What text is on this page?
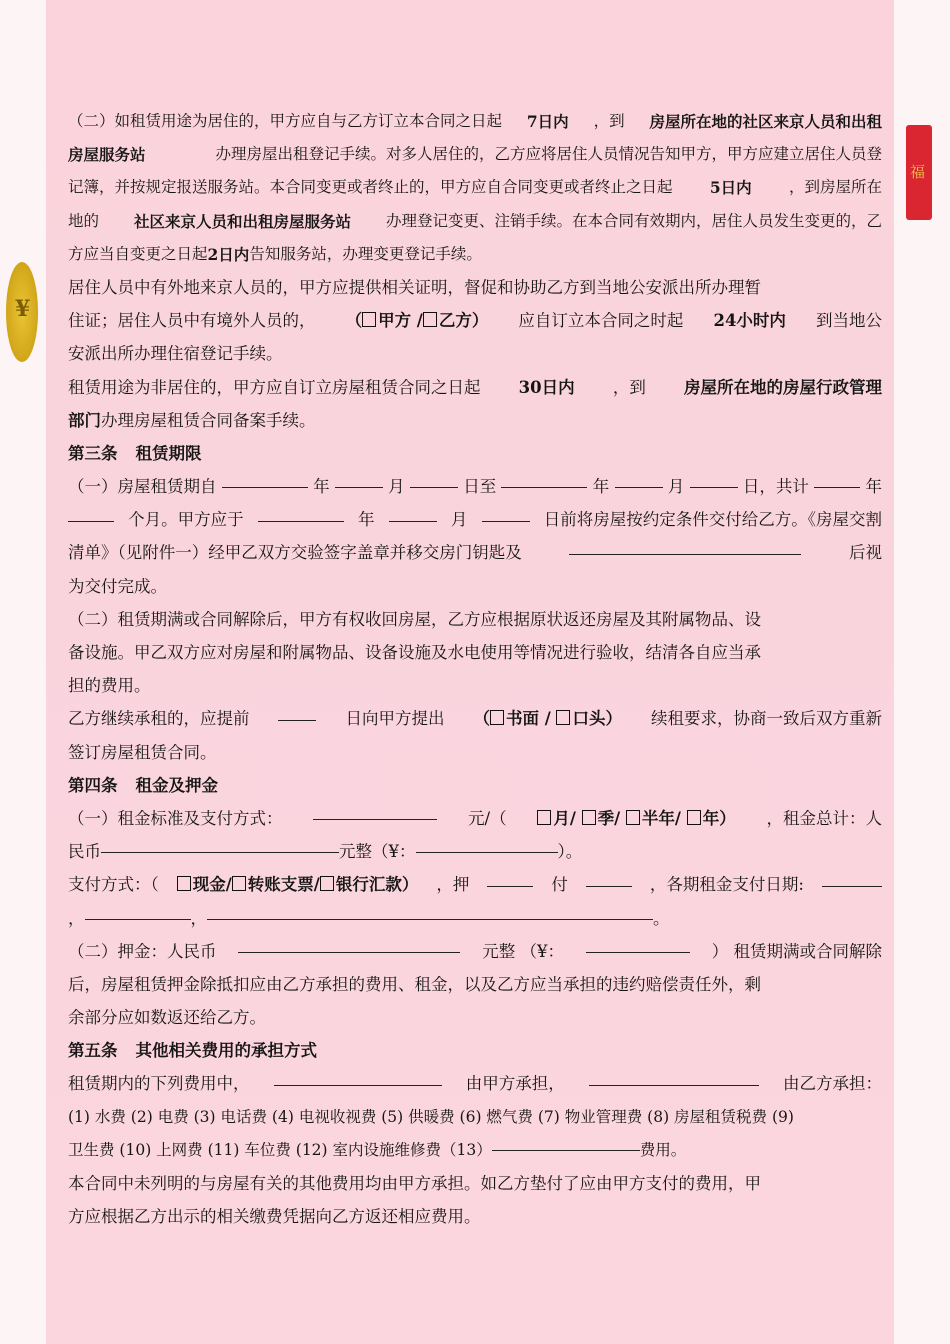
¥
福
（二）如租赁用途为居住的，甲方应自与乙方订立本合同之日起 7日内 ，到 房屋所在地的社区来京人员和出租
房屋服务站	办理房屋出租登记手续。对多人居住的，乙方应将居住人员情况告知甲方，甲方应建立居住人员登
记簿，并按规定报送服务站。本合同变更或者终止的，甲方应自合同变更或者终止之日起 5日内 ，到房屋所在
地的 社区来京人员和出租房屋服务站 办理登记变更、注销手续。在本合同有效期内，居住人员发生变更的，乙
方应当自变更之日起 2日内 告知服务站，办理变更登记手续。
居住人员中有外地来京人员的，甲方应提供相关证明，督促和协助乙方到当地公安派出所办理暂
住证；居住人员中有境外人员的， （ 甲方 / 乙方） 应自订立本合同之时起 24小时内 到当地公
安派出所办理住宿登记手续。
租赁用途为非居住的，甲方应自订立房屋租赁合同之日起 30日内 ，到 房屋所在地的房屋行政管理
部门 办理房屋租赁合同备案手续。
第三条 租赁期限
（一）房屋租赁期自	年	月	日至	年	月	日，共计	年
个月。甲方应于	年	月	日前将房屋按约定条件交付给乙方。《房屋交割
清单》（见附件一）经甲乙双方交验签字盖章并移交房门钥匙及	后视
为交付完成。
（二）租赁期满或合同解除后，甲方有权收回房屋，乙方应根据原状返还房屋及其附属物品、设
备设施。甲乙双方应对房屋和附属物品、设备设施及水电使用等情况进行验收，结清各自应当承
担的费用。
乙方继续承租的，应提前	日向甲方提出 （ 书面 / 口头） 续租要求，协商一致后双方重新
签订房屋租赁合同。
第四条 租金及押金
（一）租金标准及支付方式：	元/（	月/ 季/ 半年/ 年） ，租金总计：人
民币	元整（¥：	）。
支付方式：（	现金/ 转账支票/ 银行汇款） ，押	付	，各期租金支付日期:
，	，	。
（二）押金：人民币	元整 （¥：	） 租赁期满或合同解除
后，房屋租赁押金除抵扣应由乙方承担的费用、租金，以及乙方应当承担的违约赔偿责任外，剩
余部分应如数返还给乙方。
第五条 其他相关费用的承担方式
租赁期内的下列费用中，	由甲方承担，	由乙方承担：
(1) 水费 (2) 电费 (3) 电话费 (4) 电视收视费 (5) 供暖费 (6) 燃气费 (7) 物业管理费 (8) 房屋租赁税费 (9)
卫生费 (10) 上网费 (11) 车位费 (12) 室内设施维修费（13）	费用。
本合同中未列明的与房屋有关的其他费用均由甲方承担。如乙方垫付了应由甲方支付的费用，甲
方应根据乙方出示的相关缴费凭据向乙方返还相应费用。
